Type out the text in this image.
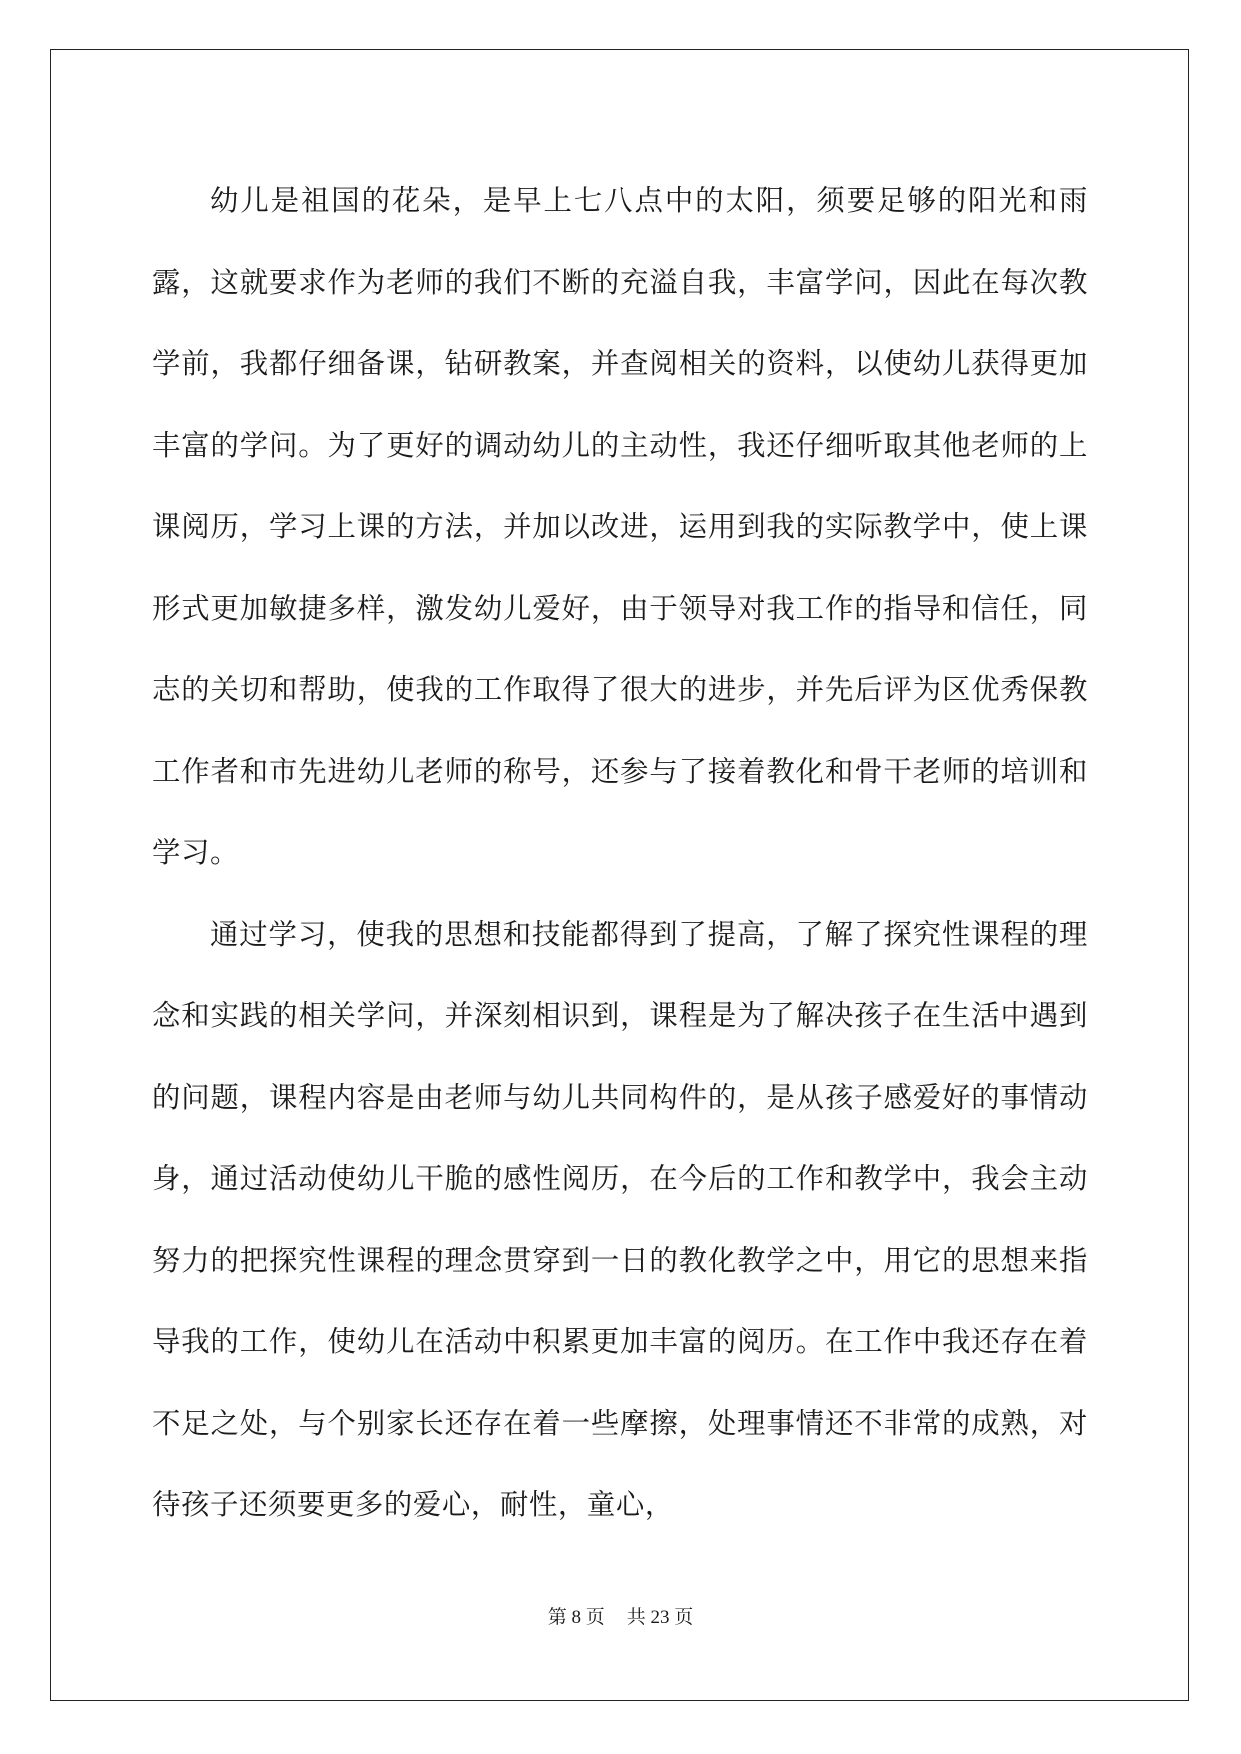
幼儿是祖国的花朵，是早上七八点中的太阳，须要足够的阳光和雨露，这就要求作为老师的我们不断的充溢自我，丰富学问，因此在每次教学前，我都仔细备课，钻研教案，并查阅相关的资料，以使幼儿获得更加丰富的学问。为了更好的调动幼儿的主动性，我还仔细听取其他老师的上课阅历，学习上课的方法，并加以改进，运用到我的实际教学中，使上课形式更加敏捷多样，激发幼儿爱好，由于领导对我工作的指导和信任，同志的关切和帮助，使我的工作取得了很大的进步，并先后评为区优秀保教工作者和市先进幼儿老师的称号，还参与了接着教化和骨干老师的培训和学习。

通过学习，使我的思想和技能都得到了提高，了解了探究性课程的理念和实践的相关学问，并深刻相识到，课程是为了解决孩子在生活中遇到的问题，课程内容是由老师与幼儿共同构件的，是从孩子感爱好的事情动身，通过活动使幼儿干脆的感性阅历，在今后的工作和教学中，我会主动努力的把探究性课程的理念贯穿到一日的教化教学之中，用它的思想来指导我的工作，使幼儿在活动中积累更加丰富的阅历。在工作中我还存在着不足之处，与个别家长还存在着一些摩擦，处理事情还不非常的成熟，对待孩子还须要更多的爱心，耐性，童心，

第 8 页 共 23 页
